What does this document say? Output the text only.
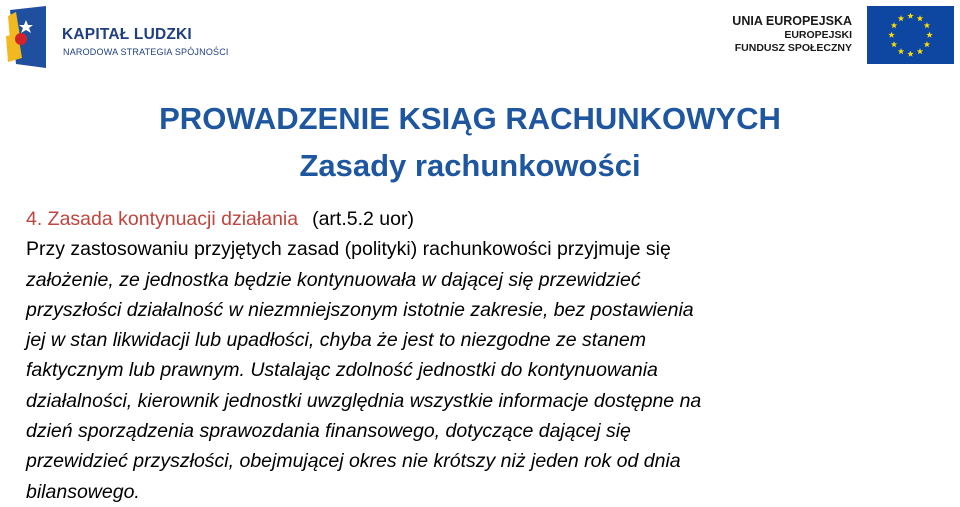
KAPITAŁ LUDZKI
NARODOWA STRATEGIA SPÓJNOŚCI
UNIA EUROPEJSKA
EUROPEJSKI
FUNDUSZ SPOŁECZNY
PROWADZENIE KSIĄG RACHUNKOWYCH
Zasady rachunkowości
4. Zasada kontynuacji działania (art.5.2 uor)
Przy zastosowaniu przyjętych zasad (polityki) rachunkowości przyjmuje się
założenie, ze jednostka będzie kontynuowała w dającej się przewidzieć
przyszłości działalność w niezmniejszonym istotnie zakresie, bez postawienia
jej w stan likwidacji lub upadłości, chyba że jest to niezgodne ze stanem
faktycznym lub prawnym. Ustalając zdolność jednostki do kontynuowania
działalności, kierownik jednostki uwzględnia wszystkie informacje dostępne na
dzień sporządzenia sprawozdania finansowego, dotyczące dającej się
przewidzieć przyszłości, obejmującej okres nie krótszy niż jeden rok od dnia
bilansowego.
